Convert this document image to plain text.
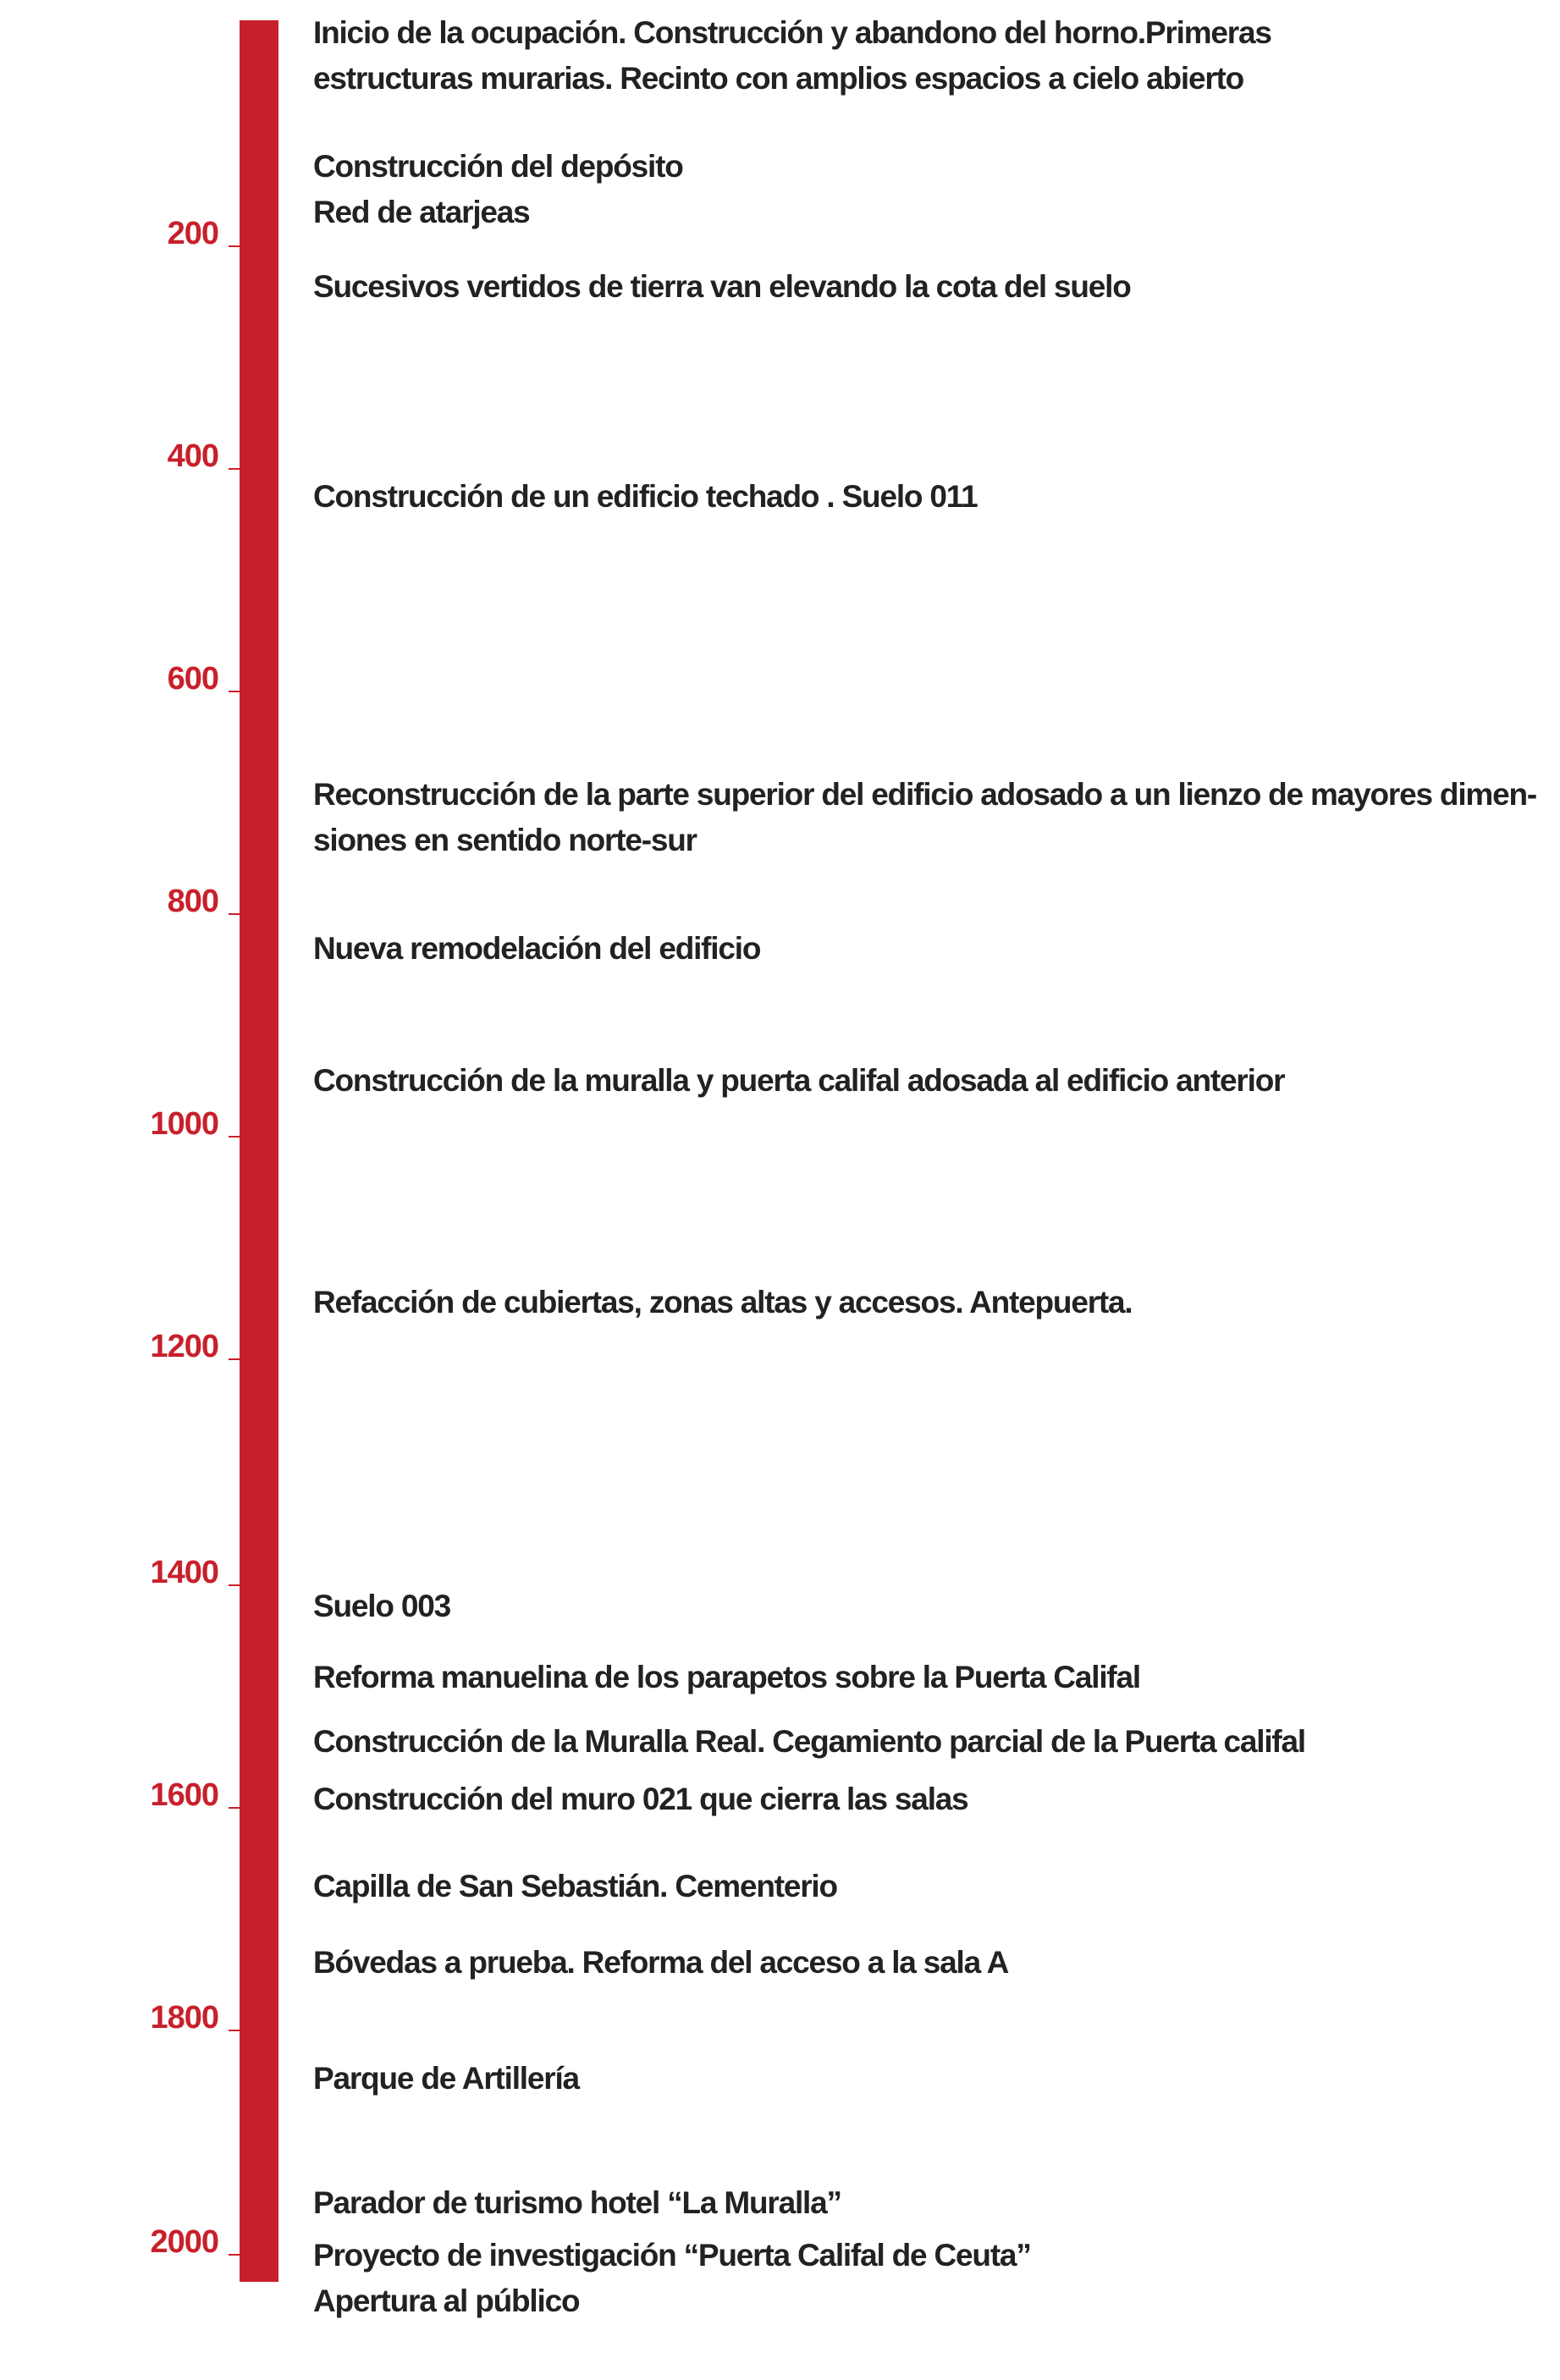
200
400
600
800
1000
1200
1400
1600
1800
2000
Inicio de la ocupación. Construcción y abandono del horno.Primeras
estructuras murarias. Recinto con amplios espacios a cielo abierto
Construcción del depósito
Red de atarjeas
Sucesivos vertidos de tierra van elevando la cota del suelo
Construcción de un edificio techado . Suelo 011
Reconstrucción de la parte superior del edificio adosado a un lienzo de mayores dimen-
siones en sentido norte-sur
Nueva remodelación del edificio
Construcción de la muralla y puerta califal adosada al edificio anterior
Refacción de cubiertas, zonas altas y accesos. Antepuerta.
Suelo 003
Reforma manuelina de los parapetos sobre la Puerta Califal
Construcción de la Muralla Real. Cegamiento parcial de la Puerta califal
Construcción del muro 021 que cierra las salas
Capilla de San Sebastián. Cementerio
Bóvedas a prueba. Reforma del acceso a la sala A
Parque de Artillería
Parador de turismo hotel “La Muralla”
Proyecto de investigación “Puerta Califal de Ceuta”
Apertura al público
